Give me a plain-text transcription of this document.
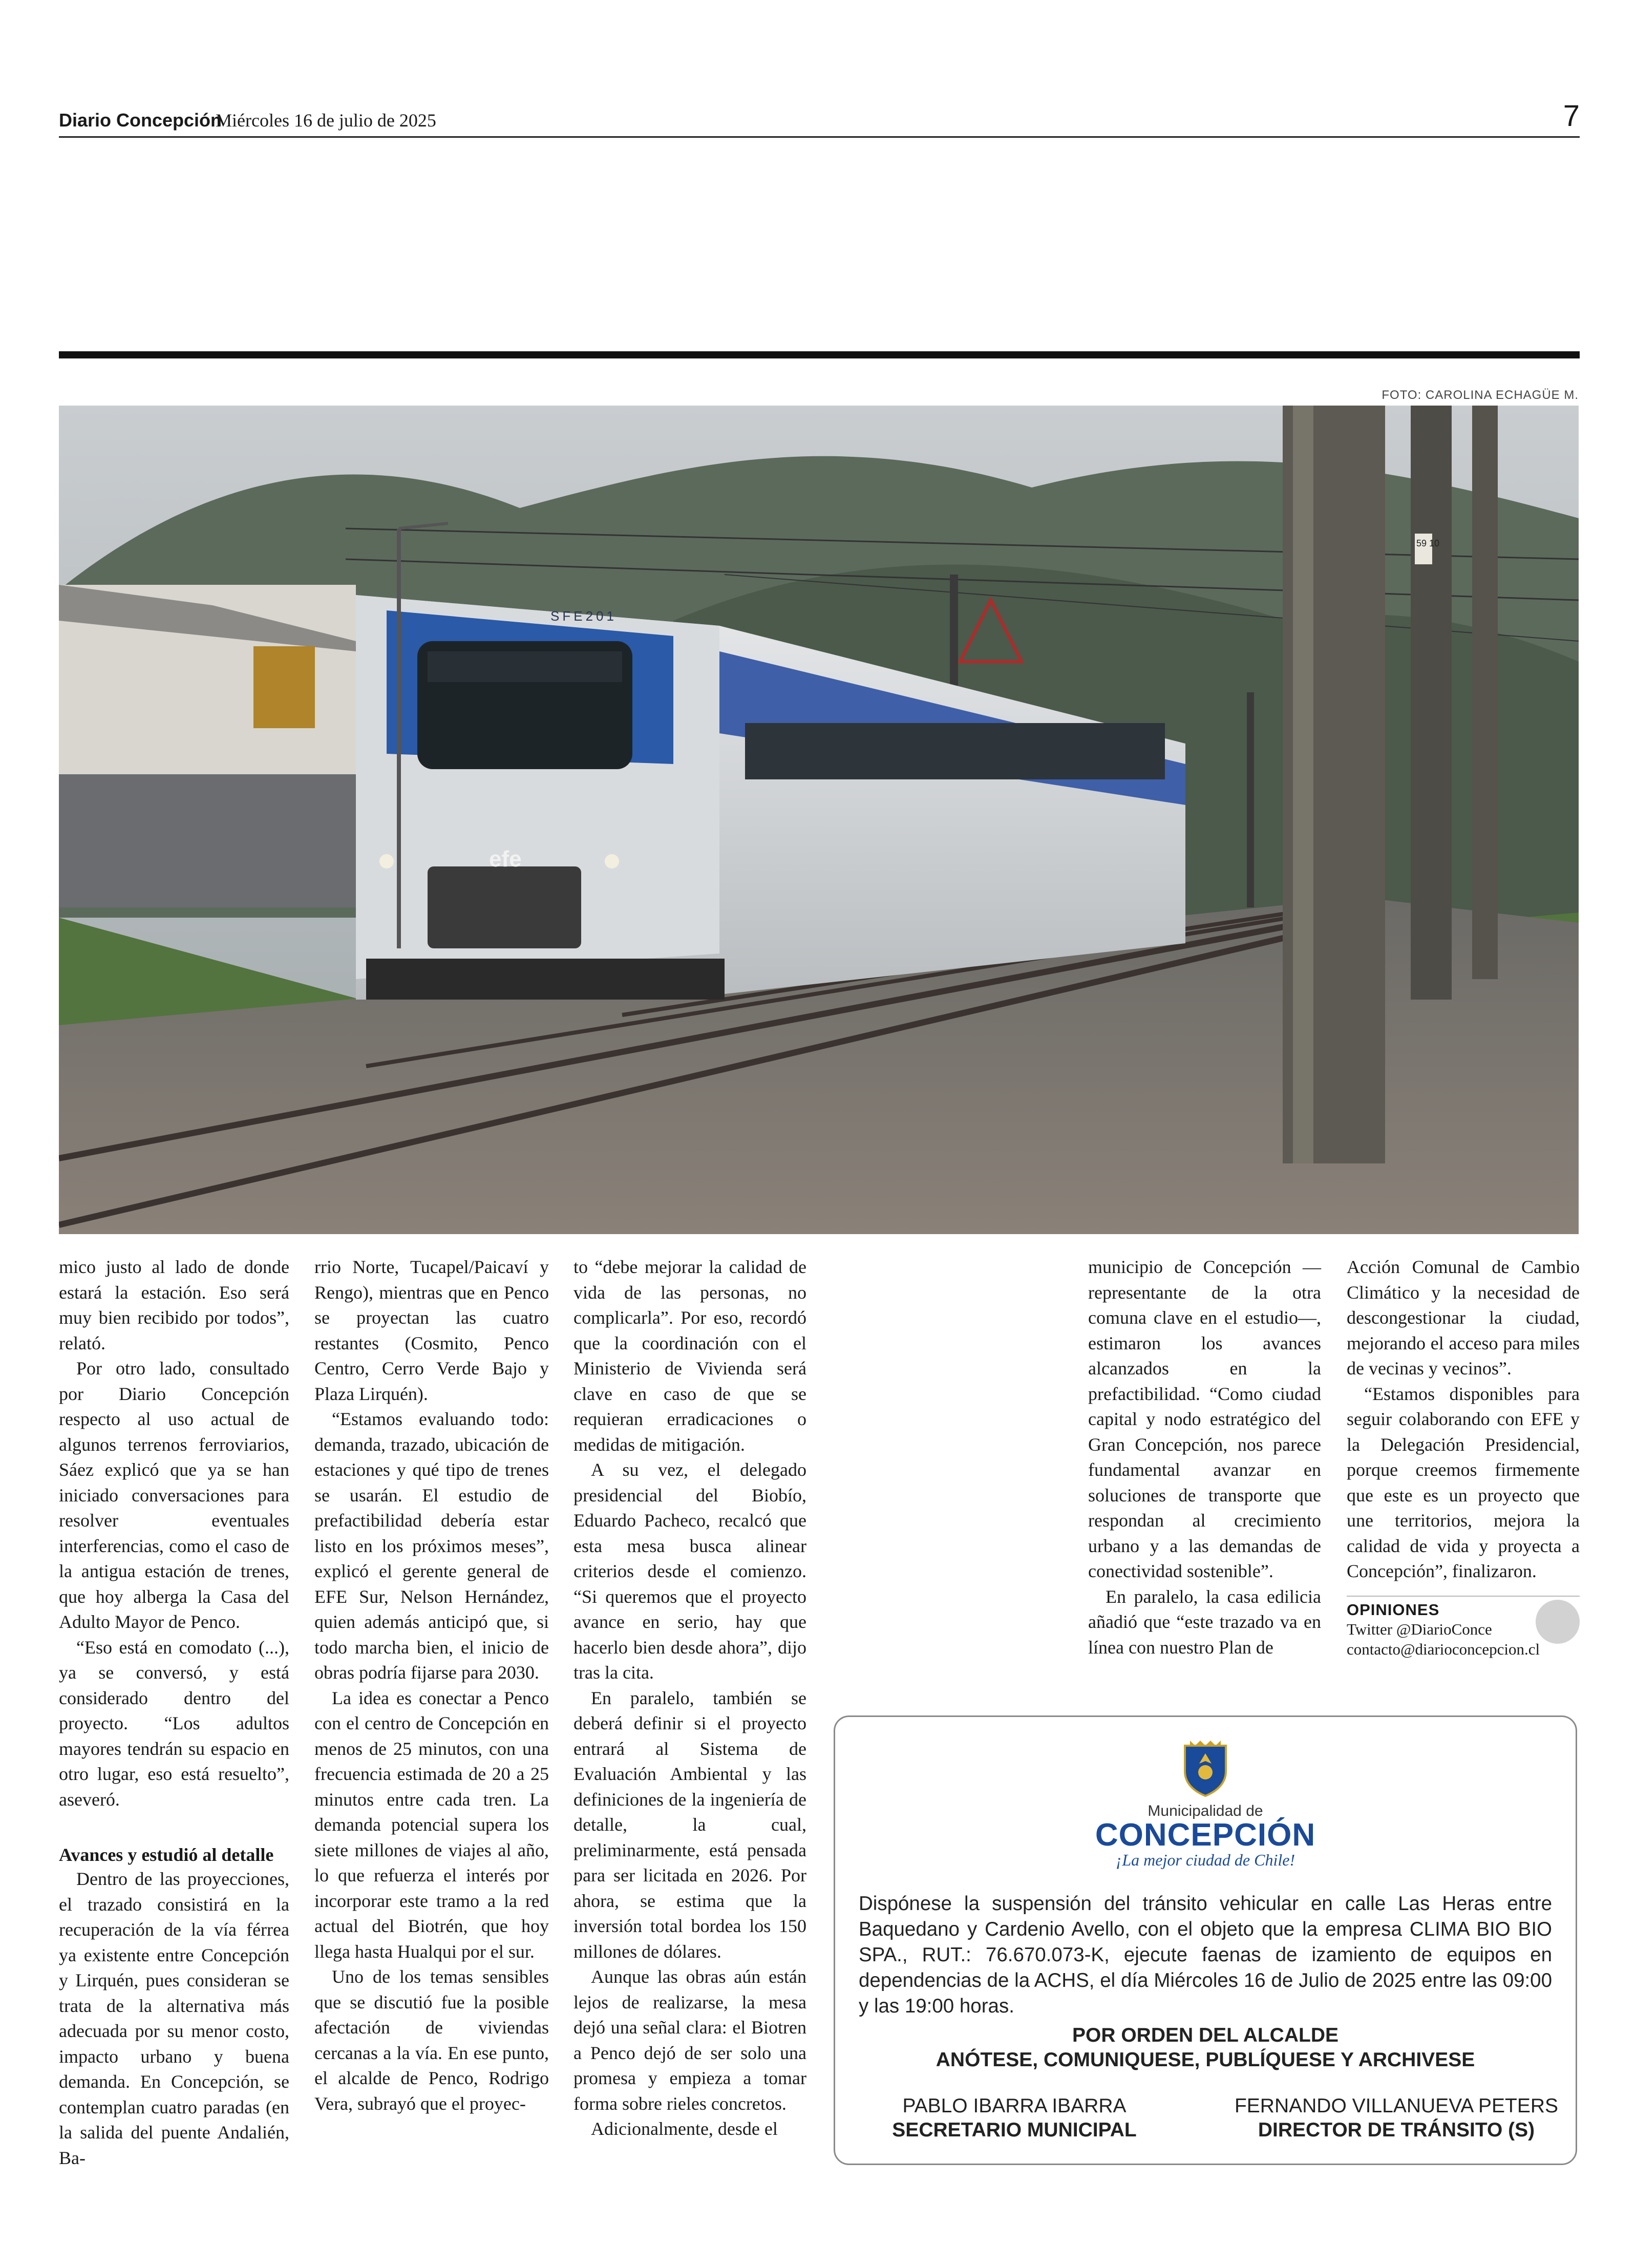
Diario Concepción
Miércoles 16 de julio de 2025	7
FOTO: CAROLINA ECHAGÜE M.
efe
SFE201
59 10

mico justo al lado de donde estará la estación. Eso será muy bien recibido por todos”, relató.

Por otro lado, consultado por Diario Concepción respecto al uso actual de algunos terrenos ferroviarios, Sáez explicó que ya se han iniciado conversaciones para resolver eventuales interferencias, como el caso de la antigua estación de trenes, que hoy alberga la Casa del Adulto Mayor de Penco.

“Eso está en comodato (...), ya se conversó, y está considerado dentro del proyecto. “Los adultos mayores tendrán su espacio en otro lugar, eso está resuelto”, aseveró.

Avances y estudió al detalle

Dentro de las proyecciones, el trazado consistirá en la recuperación de la vía férrea ya existente entre Concepción y Lirquén, pues consideran se trata de la alternativa más adecuada por su menor costo, impacto urbano y buena demanda. En Concepción, se contemplan cuatro paradas (en la salida del puente Andalién, Ba-

rrio Norte, Tucapel/Paicaví y Rengo), mientras que en Penco se proyectan las cuatro restantes (Cosmito, Penco Centro, Cerro Verde Bajo y Plaza Lirquén).

“Estamos evaluando todo: demanda, trazado, ubicación de estaciones y qué tipo de trenes se usarán. El estudio de prefactibilidad debería estar listo en los próximos meses”, explicó el gerente general de EFE Sur, Nelson Hernández, quien además anticipó que, si todo marcha bien, el inicio de obras podría fijarse para 2030.

La idea es conectar a Penco con el centro de Concepción en menos de 25 minutos, con una frecuencia estimada de 20 a 25 minutos entre cada tren. La demanda potencial supera los siete millones de viajes al año, lo que refuerza el interés por incorporar este tramo a la red actual del Biotrén, que hoy llega hasta Hualqui por el sur.

Uno de los temas sensibles que se discutió fue la posible afectación de viviendas cercanas a la vía. En ese punto, el alcalde de Penco, Rodrigo Vera, subrayó que el proyec-

to “debe mejorar la calidad de vida de las personas, no complicarla”. Por eso, recordó que la coordinación con el Ministerio de Vivienda será clave en caso de que se requieran erradicaciones o medidas de mitigación.

A su vez, el delegado presidencial del Biobío, Eduardo Pacheco, recalcó que esta mesa busca alinear criterios desde el comienzo. “Si queremos que el proyecto avance en serio, hay que hacerlo bien desde ahora”, dijo tras la cita.

En paralelo, también se deberá definir si el proyecto entrará al Sistema de Evaluación Ambiental y las definiciones de la ingeniería de detalle, la cual, preliminarmente, está pensada para ser licitada en 2026. Por ahora, se estima que la inversión total bordea los 150 millones de dólares.

Aunque las obras aún están lejos de realizarse, la mesa dejó una señal clara: el Biotren a Penco dejó de ser solo una promesa y empieza a tomar forma sobre rieles concretos.

Adicionalmente, desde el

municipio de Concepción —representante de la otra comuna clave en el estudio—, estimaron los avances alcanzados en la prefactibilidad. “Como ciudad capital y nodo estratégico del Gran Concepción, nos parece fundamental avanzar en soluciones de transporte que respondan al crecimiento urbano y a las demandas de conectividad sostenible”.

En paralelo, la casa edilicia añadió que “este trazado va en línea con nuestro Plan de

Acción Comunal de Cambio Climático y la necesidad de descongestionar la ciudad, mejorando el acceso para miles de vecinas y vecinos”.

“Estamos disponibles para seguir colaborando con EFE y la Delegación Presidencial, porque creemos firmemente que este es un proyecto que une territorios, mejora la calidad de vida y proyecta a Concepción”, finalizaron.

OPINIONES
Twitter @DiarioConce
contacto@diarioconcepcion.cl
Municipalidad de
CONCEPCIÓN
¡La mejor ciudad de Chile!
Dispónese la suspensión del tránsito vehicular en calle Las Heras entre Baquedano y Cardenio Avello, con el objeto que la empresa CLIMA BIO BIO SPA., RUT.: 76.670.073-K, ejecute faenas de izamiento de equipos en dependencias de la ACHS, el día Miércoles 16 de Julio de 2025 entre las 09:00 y las 19:00 horas.
POR ORDEN DEL ALCALDE
ANÓTESE, COMUNIQUESE, PUBLÍQUESE Y ARCHIVESE
PABLO IBARRA IBARRA
SECRETARIO MUNICIPAL
FERNANDO VILLANUEVA PETERS
DIRECTOR DE TRÁNSITO (S)
